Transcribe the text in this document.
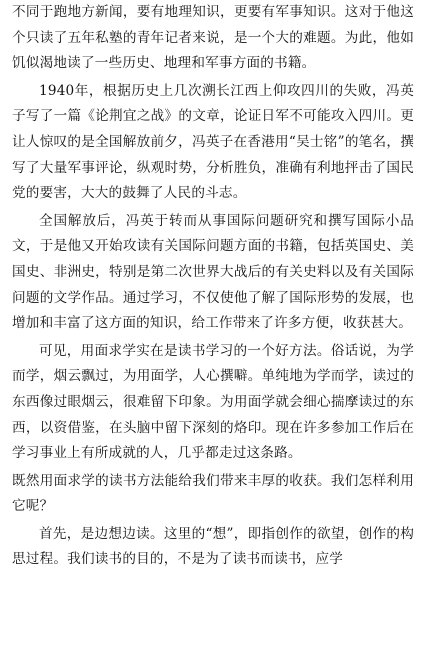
不同于跑地方新闻，要有地理知识，更要有军事知识。这对于他这个只读了五年私塾的青年记者来说，是一个大的难题。为此，他如饥似渴地读了一些历史、地理和军事方面的书籍。

1940年，根据历史上几次溯长江西上仰攻四川的失败，冯英子写了一篇《论荆宜之战》的文章，论证日军不可能攻入四川。更让人惊叹的是全国解放前夕，冯英子在香港用“吴士铭”的笔名，撰写了大量军事评论，纵观时势，分析胜负，准确有利地抨击了国民党的要害，大大的鼓舞了人民的斗志。

全国解放后，冯英于转而从事国际问题研究和撰写国际小品文，于是他又开始攻读有关国际问题方面的书籍，包括英国史、美国史、非洲史，特别是第二次世界大战后的有关史料以及有关国际问题的文学作品。通过学习，不仅使他了解了国际形势的发展，也增加和丰富了这方面的知识，给工作带来了许多方便，收获甚大。

可见，用面求学实在是读书学习的一个好方法。俗话说，为学而学，烟云飘过，为用面学，人心撰噼。单纯地为学而学，读过的东西像过眼烟云，很难留下印象。为用面学就会细心揣摩读过的东西，以资借鉴，在头脑中留下深刻的烙印。现在许多参加工作后在学习事业上有所成就的人，几乎都走过这条路。

既然用面求学的读书方法能给我们带来丰厚的收获。我们怎样利用它呢？

首先，是边想边读。这里的“想”，即指创作的欲望，创作的构思过程。我们读书的目的，不是为了读书而读书，应学
